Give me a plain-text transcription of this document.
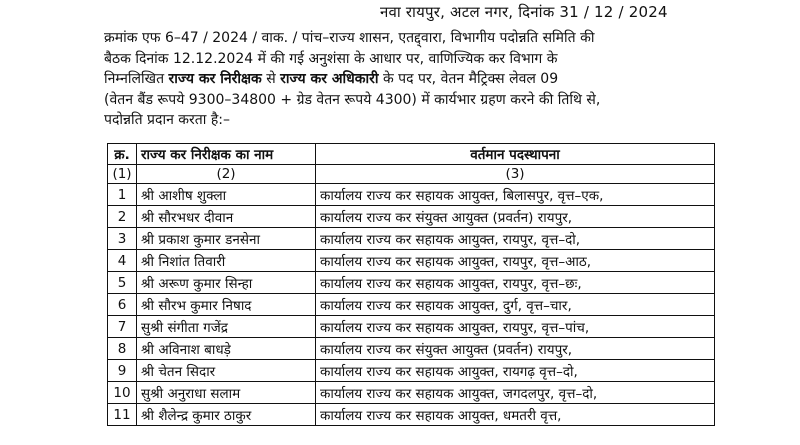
नवा रायपुर, अटल नगर, दिनांक 31 / 12 / 2024

क्रमांक एफ 6–47 / 2024 / वाक. / पांच–राज्य शासन, एतद्द्वारा, विभागीय पदोन्नति समिति की

बैठक दिनांक 12.12.2024 में की गई अनुशंसा के आधार पर, वाणिज्यिक कर विभाग के

निम्नलिखित राज्य कर निरीक्षक से राज्य कर अधिकारी के पद पर, वेतन मैट्रिक्स लेवल 09

(वेतन बैंड रूपये 9300–34800 + ग्रेड वेतन रूपये 4300) में कार्यभार ग्रहण करने की तिथि से,

पदोन्नति प्रदान करता है:–

क्र.	राज्य कर निरीक्षक का नाम	वर्तमान पदस्थापना
(1)	(2)	(3)
1	श्री आशीष शुक्ला	कार्यालय राज्य कर सहायक आयुक्त, बिलासपुर, वृत्त–एक,
2	श्री सौरभधर दीवान	कार्यालय राज्य कर संयुक्त आयुक्त (प्रवर्तन) रायपुर,
3	श्री प्रकाश कुमार डनसेना	कार्यालय राज्य कर सहायक आयुक्त, रायपुर, वृत्त–दो,
4	श्री निशांत तिवारी	कार्यालय राज्य कर सहायक आयुक्त, रायपुर, वृत्त–आठ,
5	श्री अरूण कुमार सिन्हा	कार्यालय राज्य कर सहायक आयुक्त, रायपुर, वृत्त–छः,
6	श्री सौरभ कुमार निषाद	कार्यालय राज्य कर सहायक आयुक्त, दुर्ग, वृत्त–चार,
7	सुश्री संगीता गजेंद्र	कार्यालय राज्य कर सहायक आयुक्त, रायपुर, वृत्त–पांच,
8	श्री अविनाश बाधड़े	कार्यालय राज्य कर संयुक्त आयुक्त (प्रवर्तन) रायपुर,
9	श्री चेतन सिदार	कार्यालय राज्य कर सहायक आयुक्त, रायगढ़ वृत्त–दो,
10	सुश्री अनुराधा सलाम	कार्यालय राज्य कर सहायक आयुक्त, जगदलपुर, वृत्त–दो,
11	श्री शैलेन्द्र कुमार ठाकुर	कार्यालय राज्य कर सहायक आयुक्त, धमतरी वृत्त,
